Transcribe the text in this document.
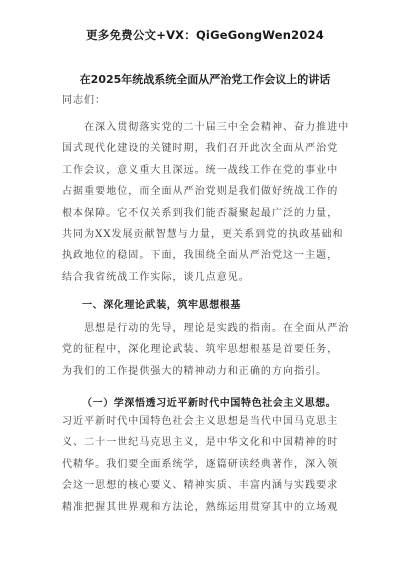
更多免费公文+VX：QiGeGongWen2024
在2025年统战系统全面从严治党工作会议上的讲话
同志们：
　　在深入贯彻落实党的二十届三中全会精神、奋力推进中
国式现代化建设的关键时期，我们召开此次全面从严治党
工作会议，意义重大且深远。统一战线工作在党的事业中
占据重要地位，而全面从严治党则是我们做好统战工作的
根本保障。它不仅关系到我们能否凝聚起最广泛的力量，
共同为XX发展贡献智慧与力量，更关系到党的执政基础和
执政地位的稳固。下面，我围绕全面从严治党这一主题，
结合我省统战工作实际，谈几点意见。
一、深化理论武装，筑牢思想根基
　　思想是行动的先导，理论是实践的指南。在全面从严治
党的征程中，深化理论武装、筑牢思想根基是首要任务，
为我们的工作提供强大的精神动力和正确的方向指引。
（一）学深悟透习近平新时代中国特色社会主义思想。
习近平新时代中国特色社会主义思想是当代中国马克思主
义、二十一世纪马克思主义，是中华文化和中国精神的时
代精华。我们要全面系统学，逐篇研读经典著作，深入领
会这一思想的核心要义、精神实质、丰富内涵与实践要求
精准把握其世界观和方法论，熟练运用贯穿其中的立场观
